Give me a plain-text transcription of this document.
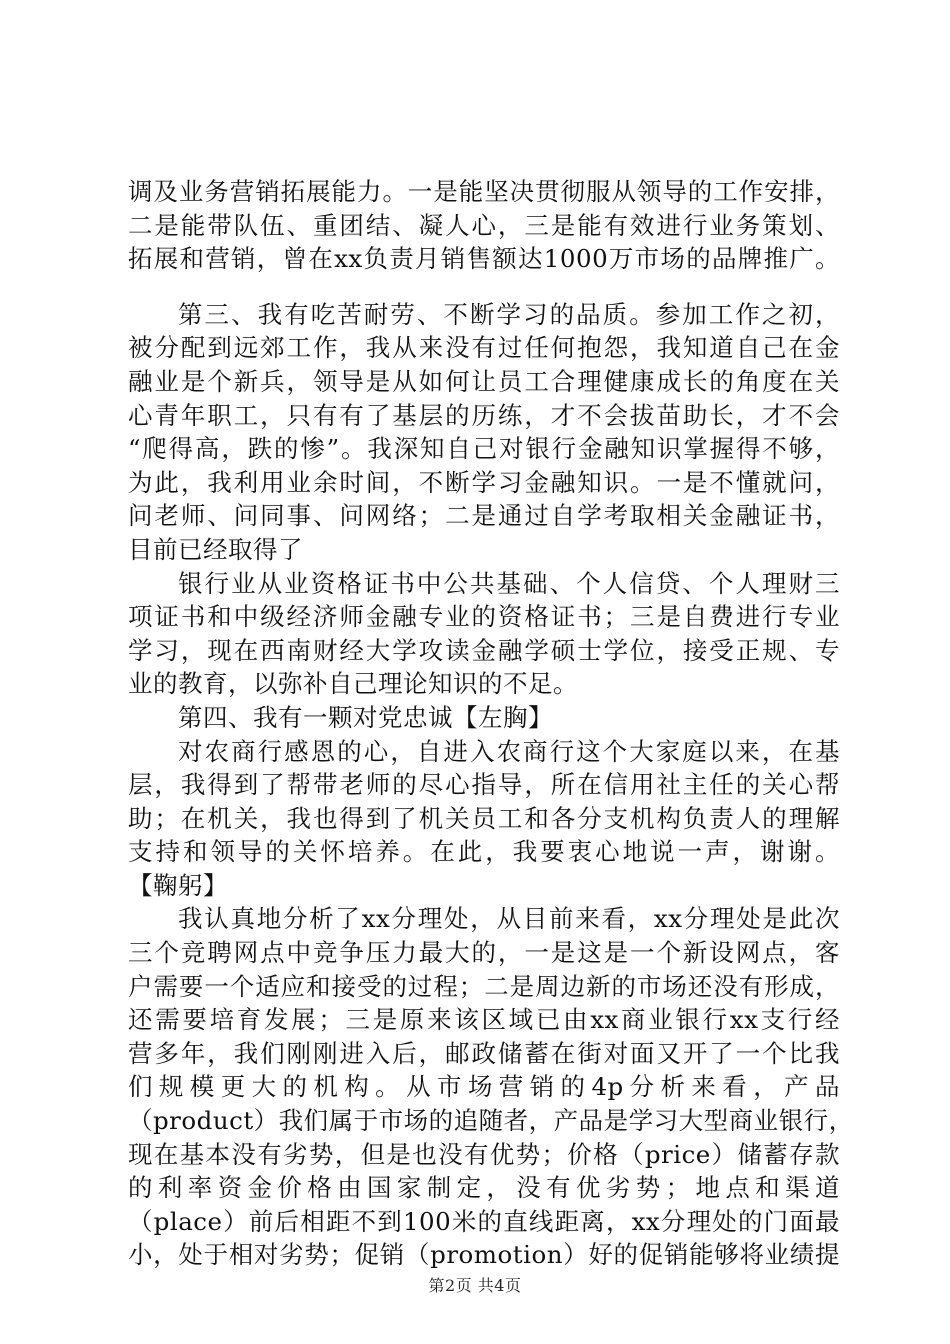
调及业务营销拓展能力。一是能坚决贯彻服从领导的工作安排，
二是能带队伍、重团结、凝人心，三是能有效进行业务策划、
拓展和营销，曾在xx负责月销售额达1000万市场的品牌推广。
第三、我有吃苦耐劳、不断学习的品质。参加工作之初，
被分配到远郊工作，我从来没有过任何抱怨，我知道自己在金
融业是个新兵，领导是从如何让员工合理健康成长的角度在关
心青年职工，只有有了基层的历练，才不会拔苗助长，才不会
“爬得高，跌的惨”。我深知自己对银行金融知识掌握得不够，
为此，我利用业余时间，不断学习金融知识。一是不懂就问，
问老师、问同事、问网络；二是通过自学考取相关金融证书，
目前已经取得了
银行业从业资格证书中公共基础、个人信贷、个人理财三
项证书和中级经济师金融专业的资格证书；三是自费进行专业
学习，现在西南财经大学攻读金融学硕士学位，接受正规、专
业的教育，以弥补自己理论知识的不足。
第四、我有一颗对党忠诚【左胸】
对农商行感恩的心，自进入农商行这个大家庭以来，在基
层，我得到了帮带老师的尽心指导，所在信用社主任的关心帮
助；在机关，我也得到了机关员工和各分支机构负责人的理解
支持和领导的关怀培养。在此，我要衷心地说一声，谢谢。
【鞠躬】
我认真地分析了xx分理处，从目前来看，xx分理处是此次
三个竞聘网点中竞争压力最大的，一是这是一个新设网点，客
户需要一个适应和接受的过程；二是周边新的市场还没有形成，
还需要培育发展；三是原来该区域已由xx商业银行xx支行经
营多年，我们刚刚进入后，邮政储蓄在街对面又开了一个比我
们规模更大的机构。从市场营销的4p分析来看，产品
（product）我们属于市场的追随者，产品是学习大型商业银行，
现在基本没有劣势，但是也没有优势；价格（price）储蓄存款
的利率资金价格由国家制定，没有优劣势；地点和渠道
（place）前后相距不到100米的直线距离，xx分理处的门面最
小，处于相对劣势；促销（promotion）好的促销能够将业绩提
第2页 共4页
